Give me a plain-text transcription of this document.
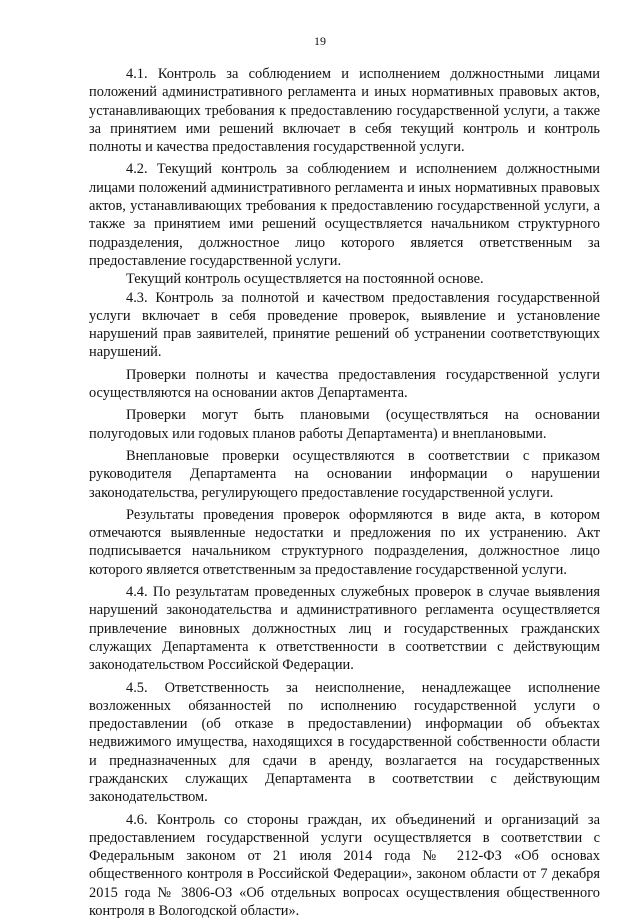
19

4.1. Контроль за соблюдением и исполнением должностными лицами положений административного регламента и иных нормативных правовых актов, устанавливающих требования к предоставлению государственной услуги, а также за принятием ими решений включает в себя текущий контроль и контроль полноты и качества предоставления государственной услуги.

4.2. Текущий контроль за соблюдением и исполнением должностными лицами положений административного регламента и иных нормативных правовых актов, устанавливающих требования к предоставлению государственной услуги, а также за принятием ими решений осуществляется начальником структурного подразделения, должностное лицо которого является ответственным за предоставление государственной услуги.

Текущий контроль осуществляется на постоянной основе.

4.3. Контроль за полнотой и качеством предоставления государственной услуги включает в себя проведение проверок, выявление и установление нарушений прав заявителей, принятие решений об устранении соответствующих нарушений.

Проверки полноты и качества предоставления государственной услуги осуществляются на основании актов Департамента.

Проверки могут быть плановыми (осуществляться на основании полугодовых или годовых планов работы Департамента) и внеплановыми.

Внеплановые проверки осуществляются в соответствии с приказом руководителя Департамента на основании информации о нарушении законодательства, регулирующего предоставление государственной услуги.

Результаты проведения проверок оформляются в виде акта, в котором отмечаются выявленные недостатки и предложения по их устранению. Акт подписывается начальником структурного подразделения, должностное лицо которого является ответственным за предоставление государственной услуги.

4.4. По результатам проведенных служебных проверок в случае выявления нарушений законодательства и административного регламента осуществляется привлечение виновных должностных лиц и государственных гражданских служащих Департамента к ответственности в соответствии с действующим законодательством Российской Федерации.

4.5. Ответственность за неисполнение, ненадлежащее исполнение возложенных обязанностей по исполнению государственной услуги о предоставлении (об отказе в предоставлении) информации об объектах недвижимого имущества, находящихся в государственной собственности области и предназначенных для сдачи в аренду, возлагается на государственных гражданских служащих Департамента в соответствии с действующим законодательством.

4.6. Контроль со стороны граждан, их объединений и организаций за предоставлением государственной услуги осуществляется в соответствии с Федеральным законом от 21 июля 2014 года № 212-ФЗ «Об основах общественного контроля в Российской Федерации», законом области от 7 декабря 2015 года № 3806-ОЗ «Об отдельных вопросах осуществления общественного контроля в Вологодской области».
